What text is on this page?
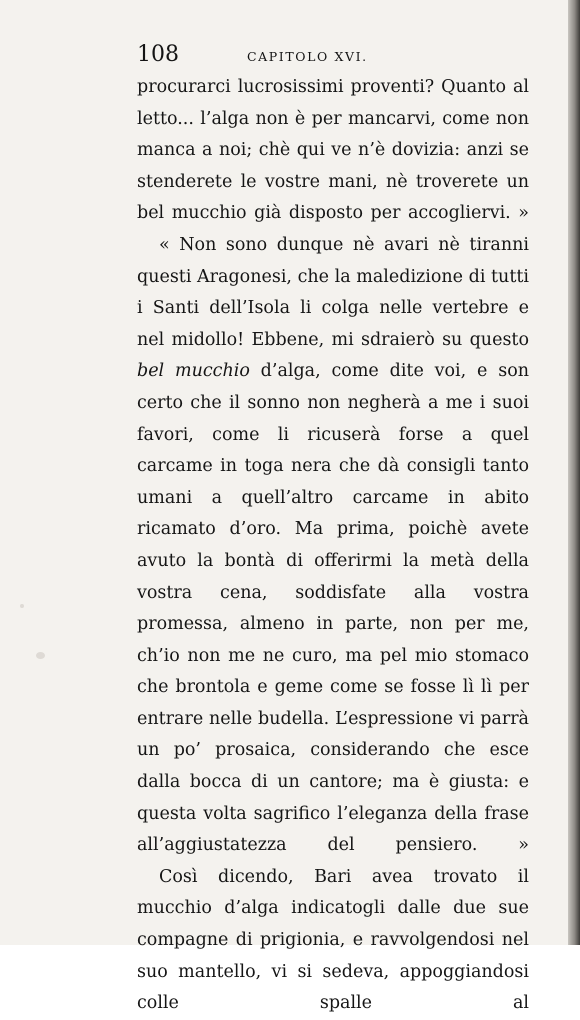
108	CAPITOLO XVI.

procurarci lucrosissimi proventi? Quanto al letto... l’alga non è per mancarvi, come non manca a noi; chè qui ve n’è dovizia: anzi se stenderete le vostre mani, nè troverete un bel mucchio già disposto per accogliervi. »

« Non sono dunque nè avari nè tiranni questi Aragonesi, che la maledizione di tutti i Santi dell’Isola li colga nelle vertebre e nel midollo! Ebbene, mi sdraierò su questo bel mucchio d’alga, come dite voi, e son certo che il sonno non negherà a me i suoi favori, come li ricuserà forse a quel carcame in toga nera che dà consigli tanto umani a quell’altro carcame in abito ricamato d’oro. Ma prima, poichè avete avuto la bontà di offerirmi la metà della vostra cena, soddisfate alla vostra promessa, almeno in parte, non per me, ch’io non me ne curo, ma pel mio stomaco che brontola e geme come se fosse lì lì per entrare nelle budella. L’espressione vi parrà un po’ prosaica, considerando che esce dalla bocca di un cantore; ma è giusta: e questa volta sagrifico l’eleganza della frase all’aggiustatezza del pensiero. »

Così dicendo, Bari avea trovato il mucchio d’alga indicatogli dalle due sue compagne di prigionia, e ravvolgendosi nel suo mantello, vi si sedeva, appoggiandosi colle spalle al
